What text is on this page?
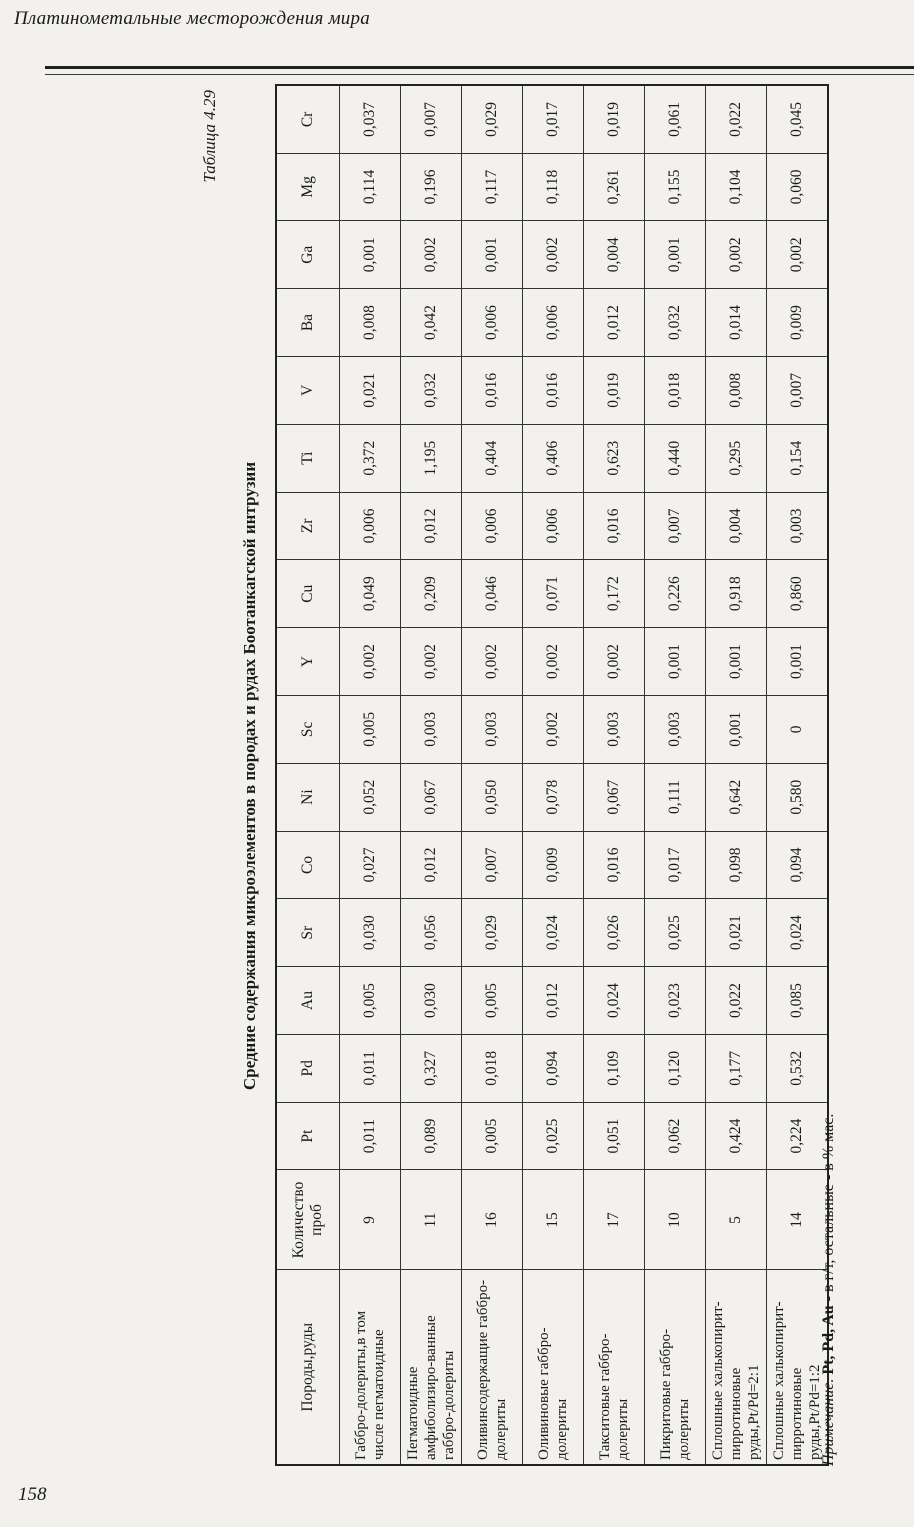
Платинометальные месторождения мира
Таблица 4.29
Средние содержания микроэлементов в породах и рудах Боотанкагской интрузии
Породы,руды	Количество проб	Pt	Pd	Au	Sr	Co	Ni	Sc	Y	Cu	Zr	Ti	V	Ba	Ga	Mg	Cr
Габбро-долериты,в том числе пегматоидные	9	0,011	0,011	0,005	0,030	0,027	0,052	0,005	0,002	0,049	0,006	0,372	0,021	0,008	0,001	0,114	0,037
Пегматоидные амфиболизиро-ванные габбро-долериты	11	0,089	0,327	0,030	0,056	0,012	0,067	0,003	0,002	0,209	0,012	1,195	0,032	0,042	0,002	0,196	0,007
Оливинсодержащие габбро-долериты	16	0,005	0,018	0,005	0,029	0,007	0,050	0,003	0,002	0,046	0,006	0,404	0,016	0,006	0,001	0,117	0,029
Оливиновые габбро-долериты	15	0,025	0,094	0,012	0,024	0,009	0,078	0,002	0,002	0,071	0,006	0,406	0,016	0,006	0,002	0,118	0,017
Такситовые габбро-долериты	17	0,051	0,109	0,024	0,026	0,016	0,067	0,003	0,002	0,172	0,016	0,623	0,019	0,012	0,004	0,261	0,019
Пикритовые габбро-долериты	10	0,062	0,120	0,023	0,025	0,017	0,111	0,003	0,001	0,226	0,007	0,440	0,018	0,032	0,001	0,155	0,061
Сплошные халькопирит-пирротиновые руды,Pt/Pd=2:1	5	0,424	0,177	0,022	0,021	0,098	0,642	0,001	0,001	0,918	0,004	0,295	0,008	0,014	0,002	0,104	0,022
Сплошные халькопирит-пирротиновые руды,Pt/Pd=1:2	14	0,224	0,532	0,085	0,024	0,094	0,580	0	0,001	0,860	0,003	0,154	0,007	0,009	0,002	0,060	0,045
Примечание. Pt, Pd, Au - в г/т, остальные - в % мас.
158
